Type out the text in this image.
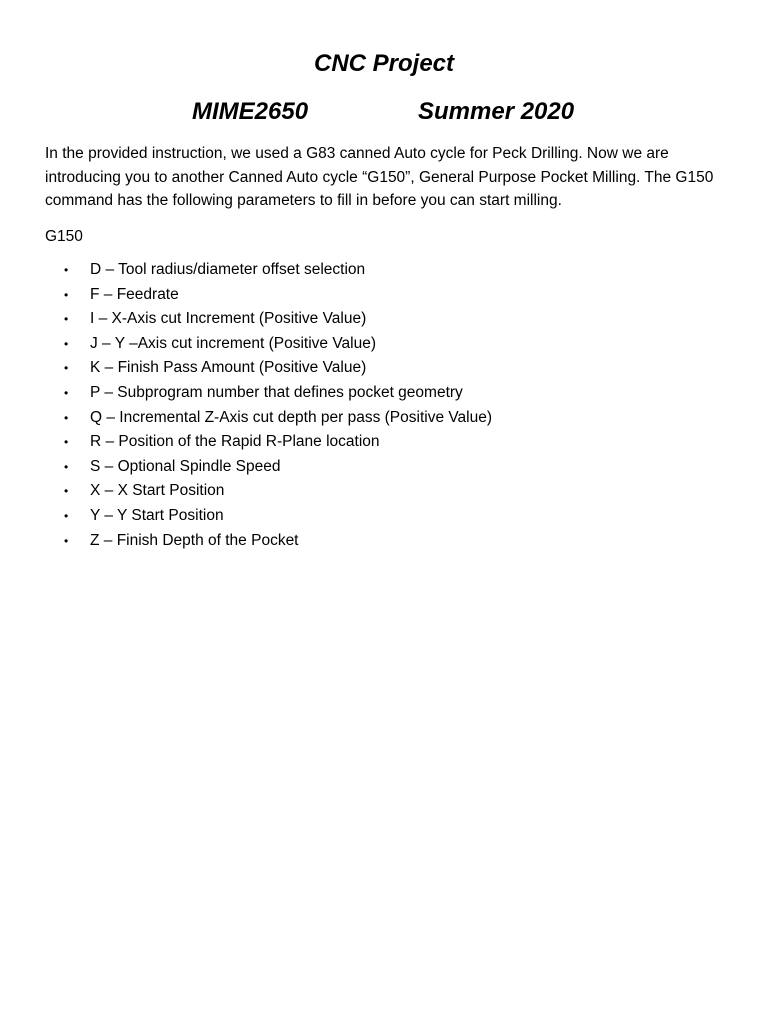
CNC Project
MIME2650	Summer 2020

In the provided instruction, we used a G83 canned Auto cycle for Peck Drilling. Now we are introducing you to another Canned Auto cycle “G150”, General Purpose Pocket Milling. The G150 command has the following parameters to fill in before you can start milling.

G150

• D – Tool radius/diameter offset selection
• F – Feedrate
• I – X-Axis cut Increment (Positive Value)
• J – Y –Axis cut increment (Positive Value)
• K – Finish Pass Amount (Positive Value)
• P – Subprogram number that defines pocket geometry
• Q – Incremental Z-Axis cut depth per pass (Positive Value)
• R – Position of the Rapid R-Plane location
• S – Optional Spindle Speed
• X – X Start Position
• Y – Y Start Position
• Z – Finish Depth of the Pocket
